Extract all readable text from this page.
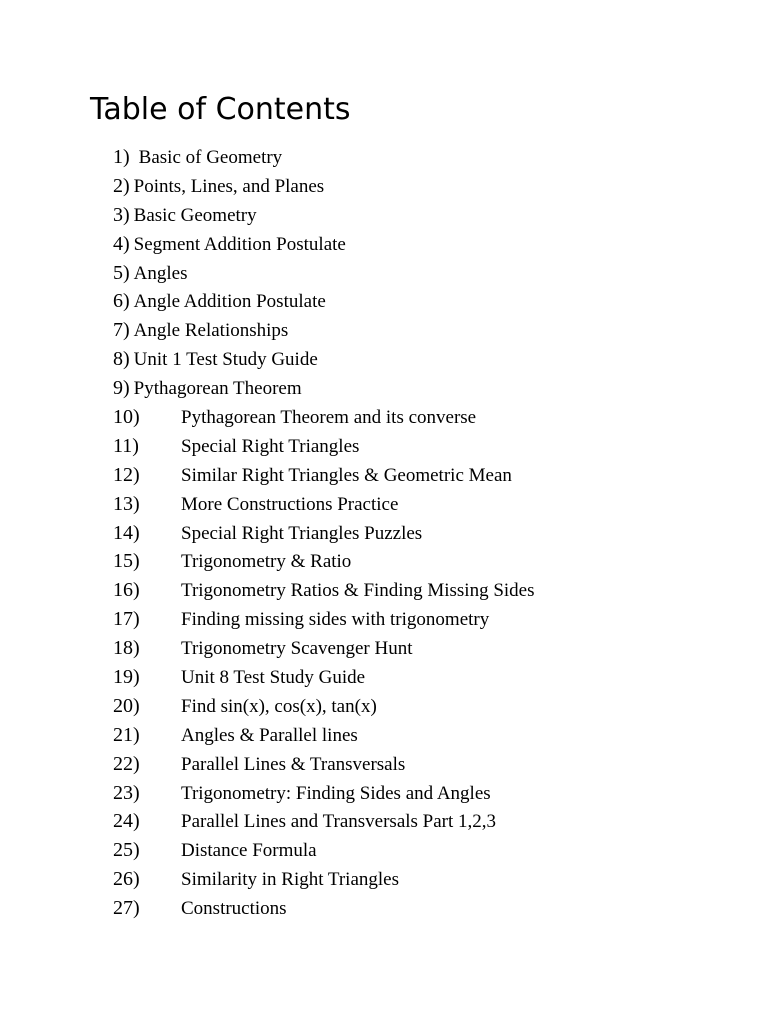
Table of Contents
1) Basic of Geometry
2) Points, Lines, and Planes
3) Basic Geometry
4) Segment Addition Postulate
5) Angles
6) Angle Addition Postulate
7) Angle Relationships
8) Unit 1 Test Study Guide
9) Pythagorean Theorem
10) Pythagorean Theorem and its converse
11) Special Right Triangles
12) Similar Right Triangles & Geometric Mean
13) More Constructions Practice
14) Special Right Triangles Puzzles
15) Trigonometry & Ratio
16) Trigonometry Ratios & Finding Missing Sides
17) Finding missing sides with trigonometry
18) Trigonometry Scavenger Hunt
19) Unit 8 Test Study Guide
20) Find sin(x), cos(x), tan(x)
21) Angles & Parallel lines
22) Parallel Lines & Transversals
23) Trigonometry: Finding Sides and Angles
24) Parallel Lines and Transversals Part 1,2,3
25) Distance Formula
26) Similarity in Right Triangles
27) Constructions
